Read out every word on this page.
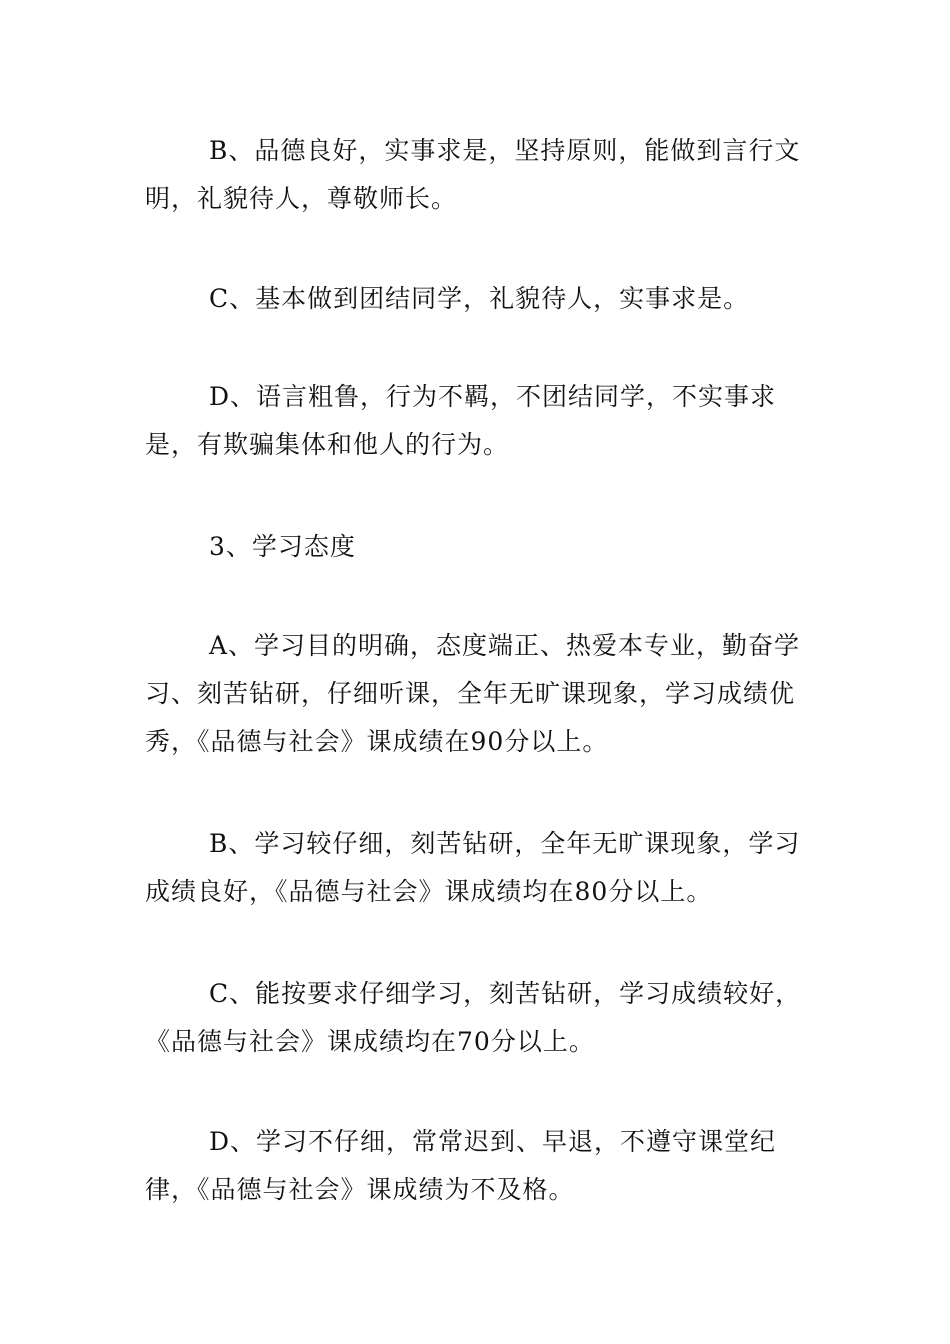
B、品德良好，实事求是，坚持原则，能做到言行文明，礼貌待人，尊敬师长。

C、基本做到团结同学，礼貌待人，实事求是。

D、语言粗鲁，行为不羁，不团结同学，不实事求是，有欺骗集体和他人的行为。

3、学习态度

A、学习目的明确，态度端正、热爱本专业，勤奋学习、刻苦钻研，仔细听课，全年无旷课现象，学习成绩优秀，《品德与社会》课成绩在90分以上。

B、学习较仔细，刻苦钻研，全年无旷课现象，学习成绩良好，《品德与社会》课成绩均在80分以上。

C、能按要求仔细学习，刻苦钻研，学习成绩较好，《品德与社会》课成绩均在70分以上。

D、学习不仔细，常常迟到、早退，不遵守课堂纪律，《品德与社会》课成绩为不及格。
